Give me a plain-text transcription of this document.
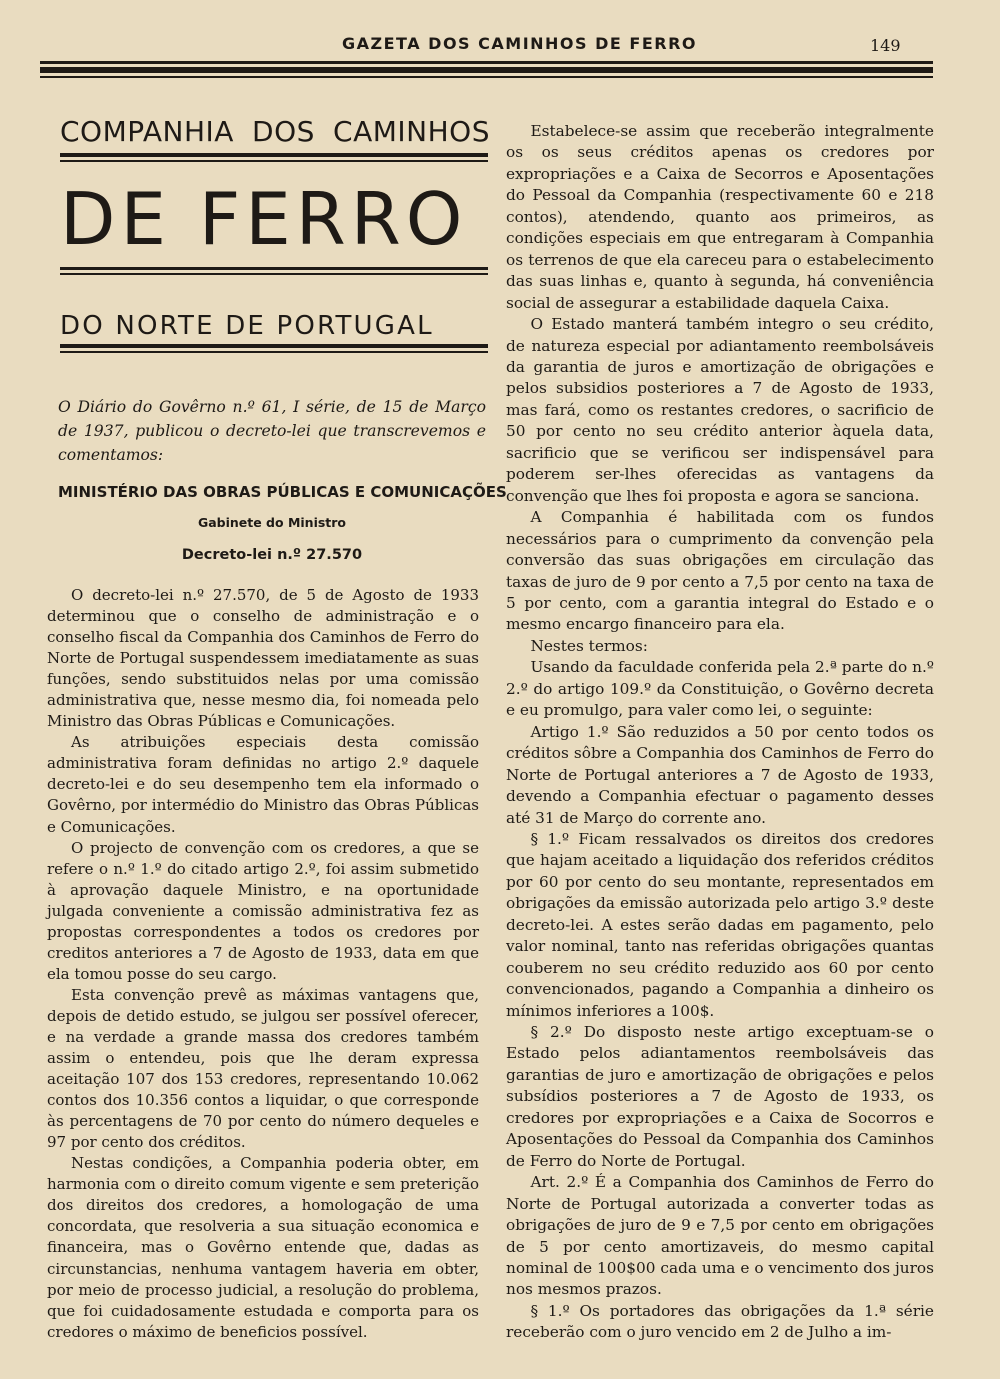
GAZETA DOS CAMINHOS DE FERRO	149
COMPANHIA DOS CAMINHOS
DE FERRO
DO NORTE DE PORTUGAL
O Diário do Govêrno n.º 61, I série, de 15 de Março de 1937, publicou o decreto-lei que transcrevemos e comentamos:
MINISTÉRIO DAS OBRAS PÚBLICAS E COMUNICAÇÕES
Gabinete do Ministro
Decreto-lei n.º 27.570

O decreto-lei n.º 27.570, de 5 de Agosto de 1933 determinou que o conselho de administração e o conselho fiscal da Companhia dos Caminhos de Ferro do Norte de Portugal suspendessem imediatamente as suas funções, sendo substituidos nelas por uma comissão administrativa que, nesse mesmo dia, foi nomeada pelo Ministro das Obras Públicas e Comunicações.

As atribuições especiais desta comissão administrativa foram definidas no artigo 2.º daquele decreto-lei e do seu desempenho tem ela informado o Govêrno, por intermédio do Ministro das Obras Públicas e Comunicações.

O projecto de convenção com os credores, a que se refere o n.º 1.º do citado artigo 2.º, foi assim submetido à aprovação daquele Ministro, e na oportunidade julgada conveniente a comissão administrativa fez as propostas correspondentes a todos os credores por creditos anteriores a 7 de Agosto de 1933, data em que ela tomou posse do seu cargo.

Esta convenção prevê as máximas vantagens que, depois de detido estudo, se julgou ser possível oferecer, e na verdade a grande massa dos credores também assim o entendeu, pois que lhe deram expressa aceitação 107 dos 153 credores, representando 10.062 contos dos 10.356 contos a liquidar, o que corresponde às percentagens de 70 por cento do número dequeles e 97 por cento dos créditos.

Nestas condições, a Companhia poderia obter, em harmonia com o direito comum vigente e sem preterição dos direitos dos credores, a homologação de uma concordata, que resolveria a sua situação economica e financeira, mas o Govêrno entende que, dadas as circunstancias, nenhuma vantagem haveria em obter, por meio de processo judicial, a resolução do problema, que foi cuidadosamente estudada e comporta para os credores o máximo de beneficios possível.

Estabelece-se assim que receberão integralmente os os seus créditos apenas os credores por expropriações e a Caixa de Secorros e Aposentações do Pessoal da Companhia (respectivamente 60 e 218 contos), atendendo, quanto aos primeiros, as condições especiais em que entregaram à Companhia os terrenos de que ela careceu para o estabelecimento das suas linhas e, quanto à segunda, há conveniência social de assegurar a estabilidade daquela Caixa.

O Estado manterá também integro o seu crédito, de natureza especial por adiantamento reembolsáveis da garantia de juros e amortização de obrigações e pelos subsidios posteriores a 7 de Agosto de 1933, mas fará, como os restantes credores, o sacrificio de 50 por cento no seu crédito anterior àquela data, sacrificio que se verificou ser indispensável para poderem ser-lhes oferecidas as vantagens da convenção que lhes foi proposta e agora se sanciona.

A Companhia é habilitada com os fundos necessários para o cumprimento da convenção pela conversão das suas obrigações em circulação das taxas de juro de 9 por cento a 7,5 por cento na taxa de 5 por cento, com a garantia integral do Estado e o mesmo encargo financeiro para ela.

Nestes termos:

Usando da faculdade conferida pela 2.ª parte do n.º 2.º do artigo 109.º da Constituição, o Govêrno decreta e eu promulgo, para valer como lei, o seguinte:

Artigo 1.º São reduzidos a 50 por cento todos os créditos sôbre a Companhia dos Caminhos de Ferro do Norte de Portugal anteriores a 7 de Agosto de 1933, devendo a Companhia efectuar o pagamento desses até 31 de Março do corrente ano.

§ 1.º Ficam ressalvados os direitos dos credores que hajam aceitado a liquidação dos referidos créditos por 60 por cento do seu montante, representados em obrigações da emissão autorizada pelo artigo 3.º deste decreto-lei. A estes serão dadas em pagamento, pelo valor nominal, tanto nas referidas obrigações quantas couberem no seu crédito reduzido aos 60 por cento convencionados, pagando a Companhia a dinheiro os mínimos inferiores a 100$.

§ 2.º Do disposto neste artigo exceptuam-se o Estado pelos adiantamentos reembolsáveis das garantias de juro e amortização de obrigações e pelos subsídios posteriores a 7 de Agosto de 1933, os credores por expropriações e a Caixa de Socorros e Aposentações do Pessoal da Companhia dos Caminhos de Ferro do Norte de Portugal.

Art. 2.º É a Companhia dos Caminhos de Ferro do Norte de Portugal autorizada a converter todas as obrigações de juro de 9 e 7,5 por cento em obrigações de 5 por cento amortizaveis, do mesmo capital nominal de 100$00 cada uma e o vencimento dos juros nos mesmos prazos.

§ 1.º Os portadores das obrigações da 1.ª série receberão com o juro vencido em 2 de Julho a im-
